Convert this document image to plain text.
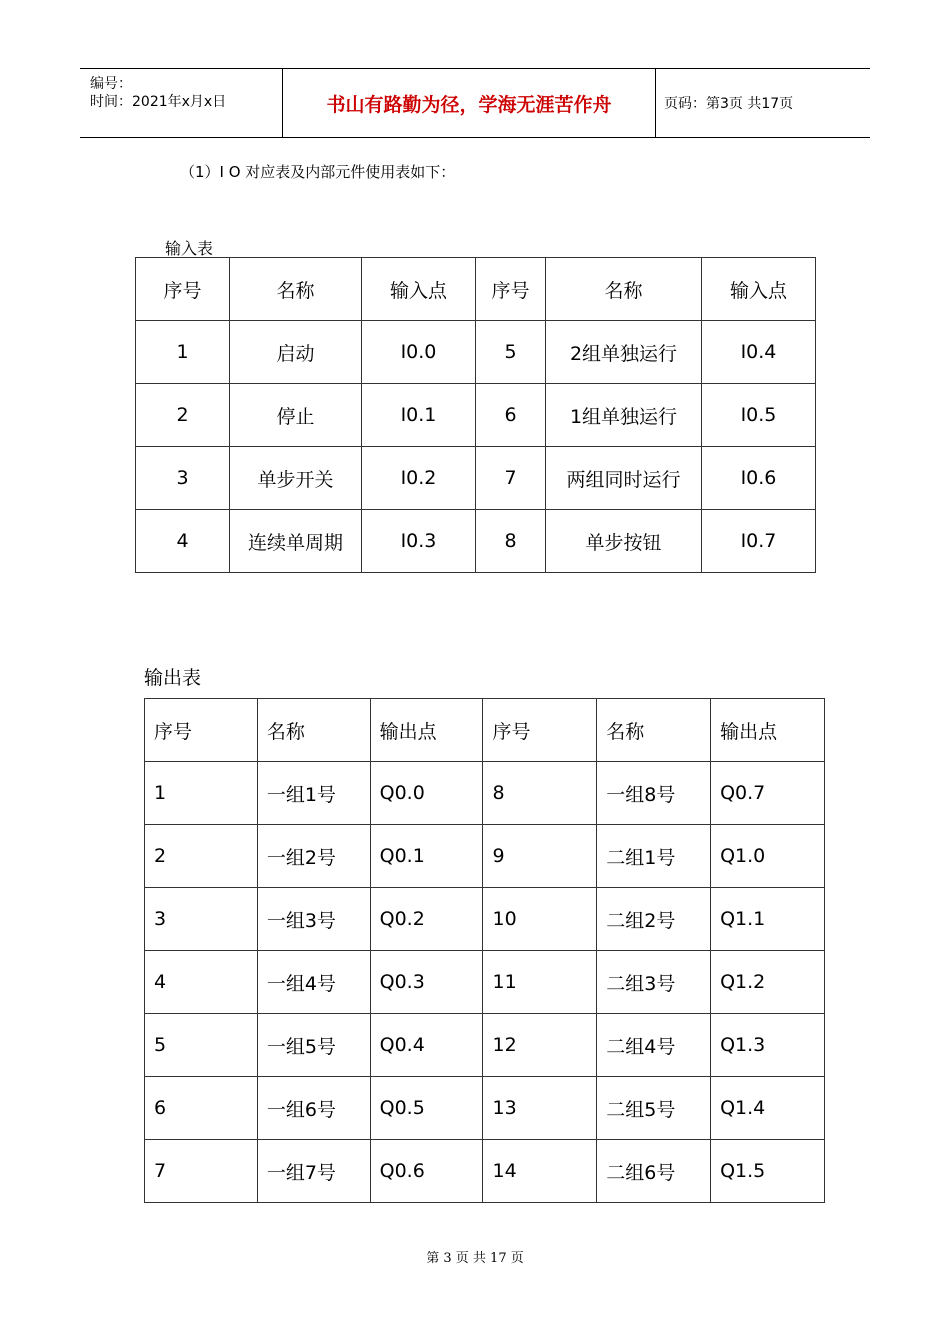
编号：
时间：2021年x月x日	书山有路勤为径，学海无涯苦作舟	页码：第3页 共17页
（1）I O 对应表及内部元件使用表如下：
输入表
序号	名称	输入点	序号	名称	输入点
1	启动	I0.0	5	2组单独运行	I0.4
2	停止	I0.1	6	1组单独运行	I0.5
3	单步开关	I0.2	7	两组同时运行	I0.6
4	连续单周期	I0.3	8	单步按钮	I0.7
输出表
序号	名称	输出点	序号	名称	输出点
1	一组1号	Q0.0	8	一组8号	Q0.7
2	一组2号	Q0.1	9	二组1号	Q1.0
3	一组3号	Q0.2	10	二组2号	Q1.1
4	一组4号	Q0.3	11	二组3号	Q1.2
5	一组5号	Q0.4	12	二组4号	Q1.3
6	一组6号	Q0.5	13	二组5号	Q1.4
7	一组7号	Q0.6	14	二组6号	Q1.5
第 3 页 共 17 页
